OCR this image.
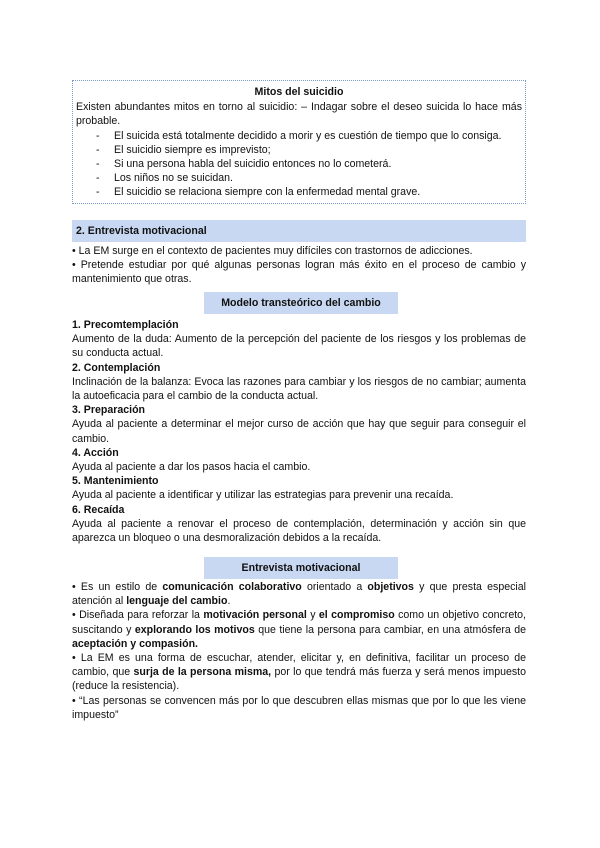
Mitos del suicidio

Existen abundantes mitos en torno al suicidio: – Indagar sobre el deseo suicida lo hace más probable.

- El suicida está totalmente decidido a morir y es cuestión de tiempo que lo consiga.
- El suicidio siempre es imprevisto;
- Si una persona habla del suicidio entonces no lo cometerá.
- Los niños no se suicidan.
- El suicidio se relaciona siempre con la enfermedad mental grave.
2. Entrevista motivacional

• La EM surge en el contexto de pacientes muy difíciles con trastornos de adicciones.

• Pretende estudiar por qué algunas personas logran más éxito en el proceso de cambio y mantenimiento que otras.

Modelo transteórico del cambio
1. Precomtemplación

Aumento de la duda: Aumento de la percepción del paciente de los riesgos y los problemas de su conducta actual.

2. Contemplación

Inclinación de la balanza: Evoca las razones para cambiar y los riesgos de no cambiar; aumenta la autoeficacia para el cambio de la conducta actual.

3. Preparación

Ayuda al paciente a determinar el mejor curso de acción que hay que seguir para conseguir el cambio.

4. Acción

Ayuda al paciente a dar los pasos hacia el cambio.

5. Mantenimiento

Ayuda al paciente a identificar y utilizar las estrategias para prevenir una recaída.

6. Recaída

Ayuda al paciente a renovar el proceso de contemplación, determinación y acción sin que aparezca un bloqueo o una desmoralización debidos a la recaída.

Entrevista motivacional

• Es un estilo de comunicación colaborativo orientado a objetivos y que presta especial atención al lenguaje del cambio.

• Diseñada para reforzar la motivación personal y el compromiso como un objetivo concreto, suscitando y explorando los motivos que tiene la persona para cambiar, en una atmósfera de aceptación y compasión.

• La EM es una forma de escuchar, atender, elicitar y, en definitiva, facilitar un proceso de cambio, que surja de la persona misma, por lo que tendrá más fuerza y será menos impuesto (reduce la resistencia).

• “Las personas se convencen más por lo que descubren ellas mismas que por lo que les viene impuesto”
